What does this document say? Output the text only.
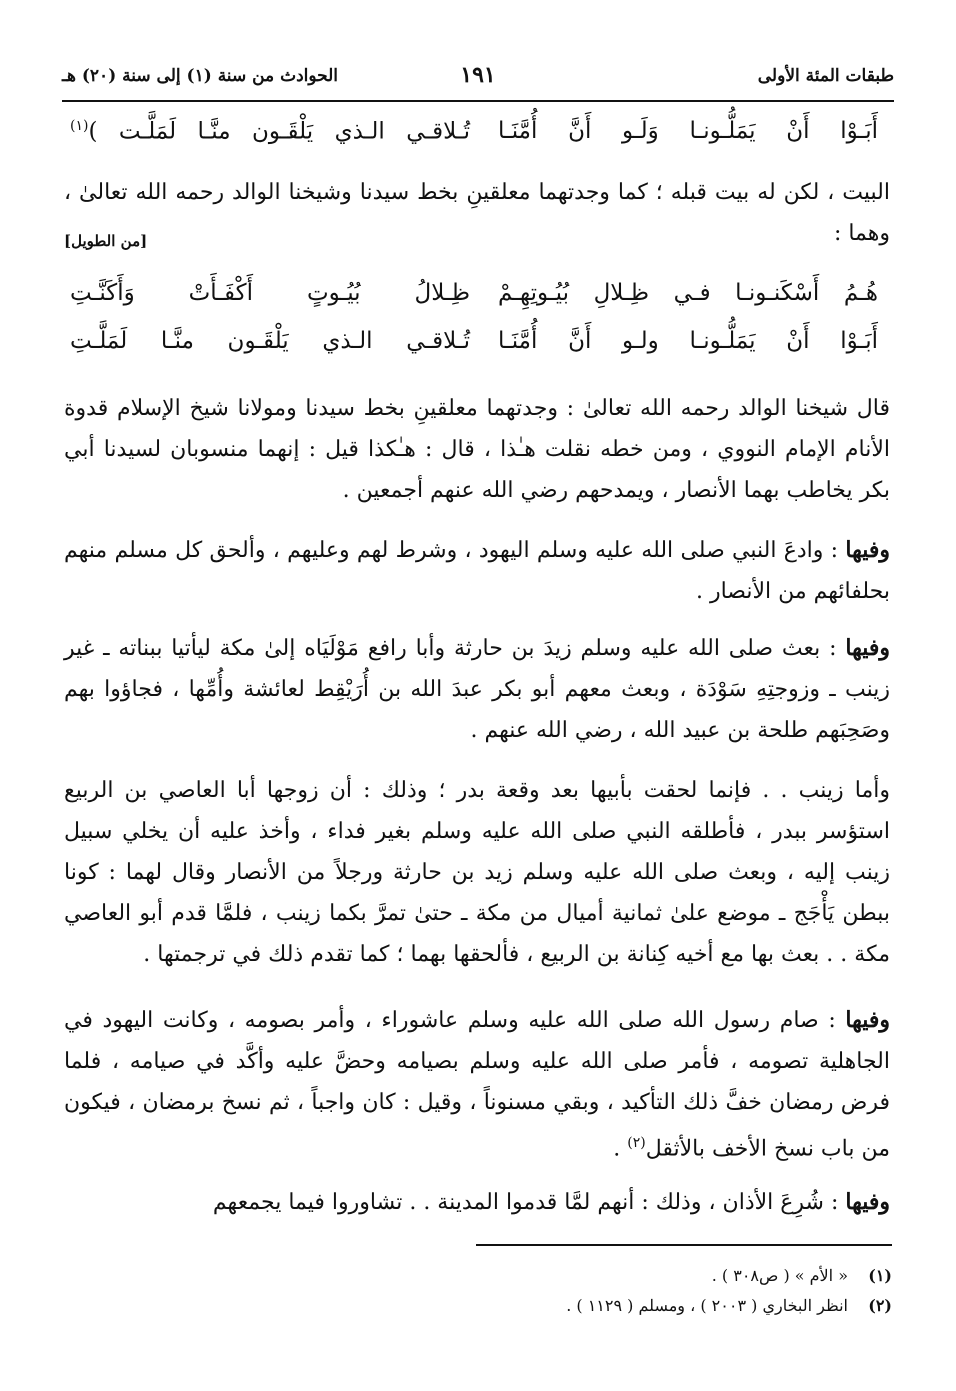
طبقات المئة الأولى
١٩١
الحوادث من سنة (١) إلى سنة (٢٠) هـ
أَبَـوْا أَنْ يَمَلُّـونـا وَلَـو أَنَّ أُمَّنَـا
تُـلاقـي الـذي يَلْقَـون منَّـا لَمَلَّـت )$^{(١)}$

البيت ، لكن له بيت قبله ؛ كما وجدتهما معلقينِ بخط سيدنا وشيخنا الوالد رحمه الله تعالىٰ ، وهما :

[من الطويل]
هُـمُ أَسْكَنـونـا فـي ظِـلالِ بُيُـوتِهِـمْ
ظِـلالُ بُيُـوتٍ أَكْفَـأَتْ وَأَكَنَّـتِ
أَبَـوْا أَنْ يَمَلُّـونـا ولـو أَنَّ أُمَّنَـا
تُـلاقـي الـذي يَلْقَـون منَّـا لَمَلَّـتِ

قال شيخنا الوالد رحمه الله تعالىٰ : وجدتهما معلقينِ بخط سيدنا ومولانا شيخ الإسلام قدوة الأنام الإمام النووي ، ومن خطه نقلت هـٰذا ، قال : هـٰكذا قيل : إنهما منسوبان لسيدنا أبي بكر يخاطب بهما الأنصار ، ويمدحهم رضي الله عنهم أجمعين .

وفيها : وادعَ النبي صلى الله عليه وسلم اليهود ، وشرط لهم وعليهم ، وألحق كل مسلم منهم بحلفائهم من الأنصار .

وفيها : بعث صلى الله عليه وسلم زيدَ بن حارثة وأبا رافع مَوْلَيَاه إلىٰ مكة ليأتيا ببناته ـ غير زينب ـ وزوجتِهِ سَوْدَة ، وبعث معهم أبو بكر عبدَ الله بن أُرَيْقِط لعائشة وأُمِّها ، فجاؤوا بهم وصَحِبَهم طلحة بن عبيد الله ، رضي الله عنهم .

وأما زينب . . فإنما لحقت بأبيها بعد وقعة بدر ؛ وذلك : أن زوجها أبا العاصي بن الربيع استؤسر ببدر ، فأطلقه النبي صلى الله عليه وسلم بغير فداء ، وأخذ عليه أن يخلي سبيل زينب إليه ، وبعث صلى الله عليه وسلم زيد بن حارثة ورجلاً من الأنصار وقال لهما : كونا ببطن يَأْجَج ـ موضع علىٰ ثمانية أميال من مكة ـ حتىٰ تمرَّ بكما زينب ، فلمَّا قدم أبو العاصي مكة . . بعث بها مع أخيه كِنانة بن الربيع ، فألحقها بهما ؛ كما تقدم ذلك في ترجمتها .

وفيها : صام رسول الله صلى الله عليه وسلم عاشوراء ، وأمر بصومه ، وكانت اليهود في الجاهلية تصومه ، فأمر صلى الله عليه وسلم بصيامه وحضَّ عليه وأكَّد في صيامه ، فلما فرض رمضان خفَّ ذلك التأكيد ، وبقي مسنوناً ، وقيل : كان واجباً ، ثم نسخ برمضان ، فيكون من باب نسخ الأخف بالأثقل$^{(٢)}$ .

وفيها : شُرِعَ الأذان ، وذلك : أنهم لمَّا قدموا المدينة . . تشاوروا فيما يجمعهم

(١)« الأم » ( ص٣٠٨ ) .
(٢)انظر البخاري ( ٢٠٠٣ ) ، ومسلم ( ١١٢٩ ) .
